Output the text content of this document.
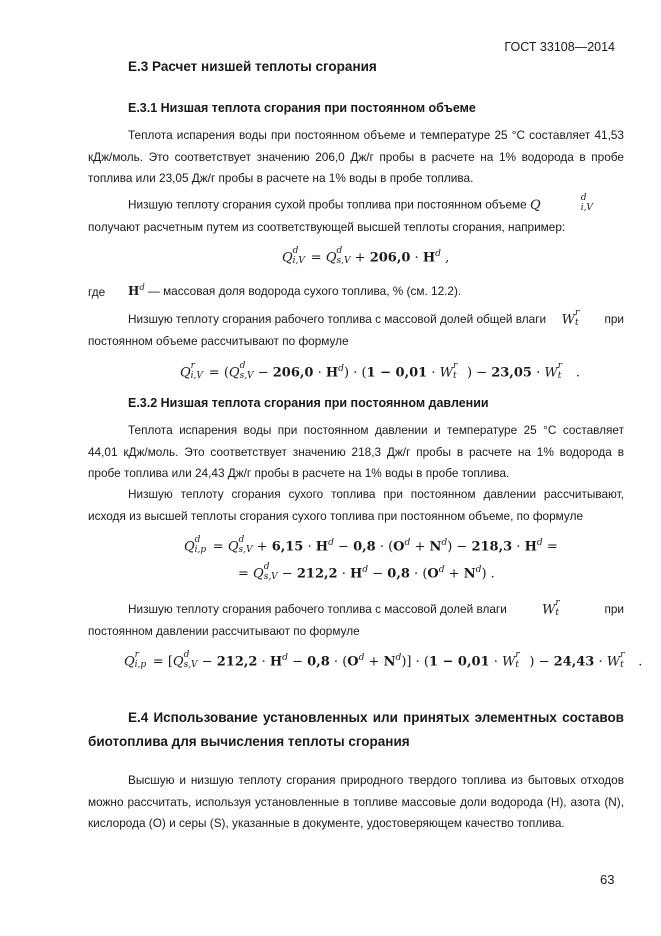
ГОСТ 33108—2014
Е.3 Расчет низшей теплоты сгорания
Е.3.1 Низшая теплота сгорания при постоянном объеме

Теплота испарения воды при постоянном объеме и температуре 25 °С составляет 41,53 кДж/моль. Это соответствует значению 206,0 Дж/г пробы в расчете на 1% водорода в пробе топлива или 23,05 Дж/г пробы в расчете на 1% воды в пробе топлива.

Низшую теплоту сгорания сухой пробы топлива при постоянном объеме Q	d
i,V

получают расчетным путем из соответствующей высшей теплоты сгорания, например:
Q d
i,V = Q d
$s,V + 206,0 \cdot H^d$ ,
где $H^d$ — массовая доля водорода сухого топлива, % (см. 12.2).

Низшую теплоту сгорания рабочего топлива с массовой долей общей влаги W r
t при

постоянном объеме рассчитывают по формуле
Q r
i,V = (Q d
$s,V - 206,0 \cdot H^d) \cdot (1 - 0,01 \cdot W$ r
t ) − 23,05 · W r
t .
Е.3.2 Низшая теплота сгорания при постоянном давлении

Теплота испарения воды при постоянном давлении и температуре 25 °С составляет 44,01 кДж/моль. Это соответствует значению 218,3 Дж/г пробы в расчете на 1% водорода в пробе топлива или 24,43 Дж/г пробы в расчете на 1% воды в пробе топлива.

Низшую теплоту сгорания сухого топлива при постоянном давлении рассчитывают, исходя из высшей теплоты сгорания сухого топлива при постоянном объеме, по формуле

Q d
i,p = Q d
$s,V + 6,15 \cdot H^d - 0,8 \cdot (O^d + N^d) - 218,3 \cdot H^d$ =
= Q d
$s,V - 212,2 \cdot H^d - 0,8 \cdot (O^d + N^d)$ .

Низшую теплоту сгорания рабочего топлива с массовой долей влаги	W r
t	при

постоянном давлении рассчитывают по формуле
Q r
i,p = [Q d
$s,V - 212,2 \cdot H^d - 0,8 \cdot (O^d + N^d)] \cdot (1 - 0,01 \cdot W$ r
t ) − 24,43 · W r
t .
Е.4 Использование установленных или принятых элементных составов биотоплива для вычисления теплоты сгорания

Высшую и низшую теплоту сгорания природного твердого топлива из бытовых отходов можно рассчитать, используя установленные в топливе массовые доли водорода (Н), азота (N), кислорода (О) и серы (S), указанные в документе, удостоверяющем качество топлива.

63
